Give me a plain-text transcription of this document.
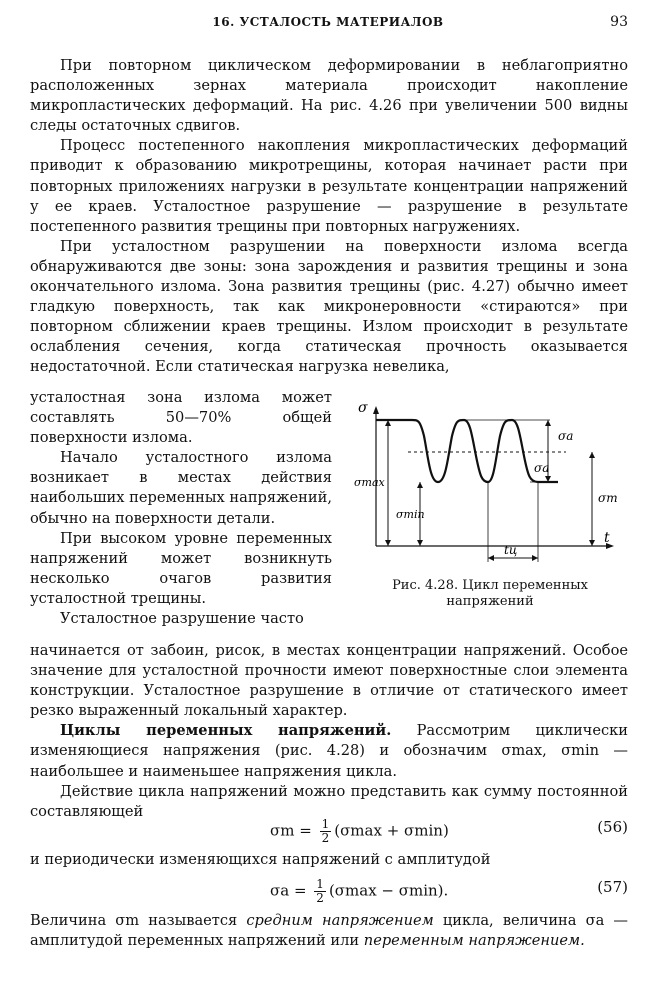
16. УСТАЛОСТЬ МАТЕРИАЛОВ	93

При повторном циклическом деформировании в неблагоприятно расположенных зернах материала происходит накопление микропластических деформаций. На рис. 4.26 при увеличении 500 видны следы остаточных сдвигов.

Процесс постепенного накопления микропластических деформаций приводит к образованию микротрещины, которая начинает расти при повторных приложениях нагрузки в результате концентрации напряжений у ее краев. Усталостное разрушение — разрушение в результате постепенного развития трещины при повторных нагружениях.

При усталостном разрушении на поверхности излома всегда обнаруживаются две зоны: зона зарождения и развития трещины и зона окончательного излома. Зона развития трещины (рис. 4.27) обычно имеет гладкую поверхность, так как микронеровности «стираются» при повторном сближении краев трещины. Излом происходит в результате ослабления сечения, когда статическая прочность оказывается недостаточной. Если статическая нагрузка невелика,

усталостная зона излома может составлять 50—70% общей поверхности излома.

Начало усталостного излома возникает в местах действия наибольших переменных напряжений, обычно на поверхности детали.

При высоком уровне переменных напряжений может возникнуть несколько очагов развития усталостной трещины.

Усталостное разрушение часто

σ
t
σa
σa
σm
σmax
σmin
tц
Рис. 4.28. Цикл переменных напряжений

начинается от забоин, рисок, в местах концентрации напряжений. Особое значение для усталостной прочности имеют поверхностные слои элемента конструкции. Усталостное разрушение в отличие от статического имеет резко выраженный локальный характер.

Циклы переменных напряжений. Рассмотрим циклически изменяющиеся напряжения (рис. 4.28) и обозначим σmax, σmin — наибольшее и наименьшее напряжения цикла.

Действие цикла напряжений можно представить как сумму постоянной составляющей

$\sigma m = \frac{1}{2} (\sigma\max + \sigma\min)$	(56)

и периодически изменяющихся напряжений с амплитудой

$\sigma a = \frac{1}{2} (\sigma\max - \sigma\min)$.	(57)

Величина σm называется средним напряжением цикла, величина σa — амплитудой переменных напряжений или переменным напряжением.
